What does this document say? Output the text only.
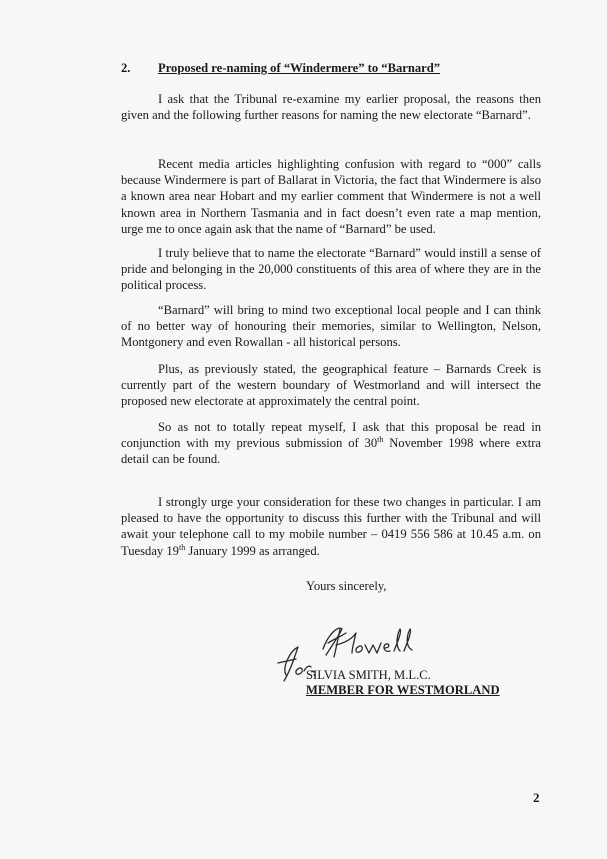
2. Proposed re-naming of “Windermere” to “Barnard”

I ask that the Tribunal re-examine my earlier proposal, the reasons then given and the following further reasons for naming the new electorate “Barnard”.

Recent media articles highlighting confusion with regard to “000” calls because Windermere is part of Ballarat in Victoria, the fact that Windermere is also a known area near Hobart and my earlier comment that Windermere is not a well known area in Northern Tasmania and in fact doesn’t even rate a map mention, urge me to once again ask that the name of “Barnard” be used.

I truly believe that to name the electorate “Barnard” would instill a sense of pride and belonging in the 20,000 constituents of this area of where they are in the political process.

“Barnard” will bring to mind two exceptional local people and I can think of no better way of honouring their memories, similar to Wellington, Nelson, Montgonery and even Rowallan - all historical persons.

Plus, as previously stated, the geographical feature – Barnards Creek is currently part of the western boundary of Westmorland and will intersect the proposed new electorate at approximately the central point.

So as not to totally repeat myself, I ask that this proposal be read in conjunction with my previous submission of 30th November 1998 where extra detail can be found.

I strongly urge your consideration for these two changes in particular. I am pleased to have the opportunity to discuss this further with the Tribunal and will await your telephone call to my mobile number – 0419 556 586 at 10.45 a.m. on Tuesday 19th January 1999 as arranged.

Yours sincerely,
SILVIA SMITH, M.L.C.
MEMBER FOR WESTMORLAND
2
